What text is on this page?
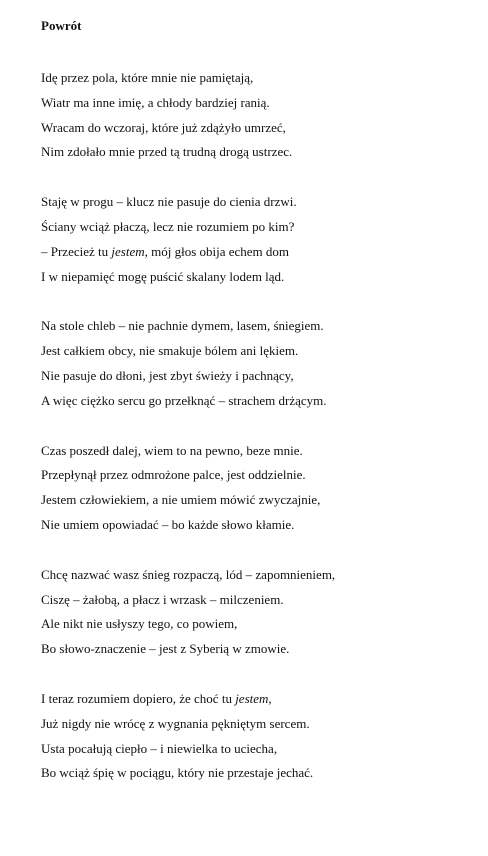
Powrót
Idę przez pola, które mnie nie pamiętają,
Wiatr ma inne imię, a chłody bardziej ranią.
Wracam do wczoraj, które już zdążyło umrzeć,
Nim zdołało mnie przed tą trudną drogą ustrzec.
Staję w progu – klucz nie pasuje do cienia drzwi.
Ściany wciąż płaczą, lecz nie rozumiem po kim?
– Przecież tu jestem, mój głos obija echem dom
I w niepamięć mogę puścić skalany lodem ląd.
Na stole chleb – nie pachnie dymem, lasem, śniegiem.
Jest całkiem obcy, nie smakuje bólem ani lękiem.
Nie pasuje do dłoni, jest zbyt świeży i pachnący,
A więc ciężko sercu go przełknąć – strachem drżącym.
Czas poszedł dalej, wiem to na pewno, beze mnie.
Przepłynął przez odmrożone palce, jest oddzielnie.
Jestem człowiekiem, a nie umiem mówić zwyczajnie,
Nie umiem opowiadać – bo każde słowo kłamie.
Chcę nazwać wasz śnieg rozpaczą, lód – zapomnieniem,
Ciszę – żałobą, a płacz i wrzask – milczeniem.
Ale nikt nie usłyszy tego, co powiem,
Bo słowo-znaczenie – jest z Syberią w zmowie.
I teraz rozumiem dopiero, że choć tu jestem,
Już nigdy nie wrócę z wygnania pękniętym sercem.
Usta pocałują ciepło – i niewielka to uciecha,
Bo wciąż śpię w pociągu, który nie przestaje jechać.
